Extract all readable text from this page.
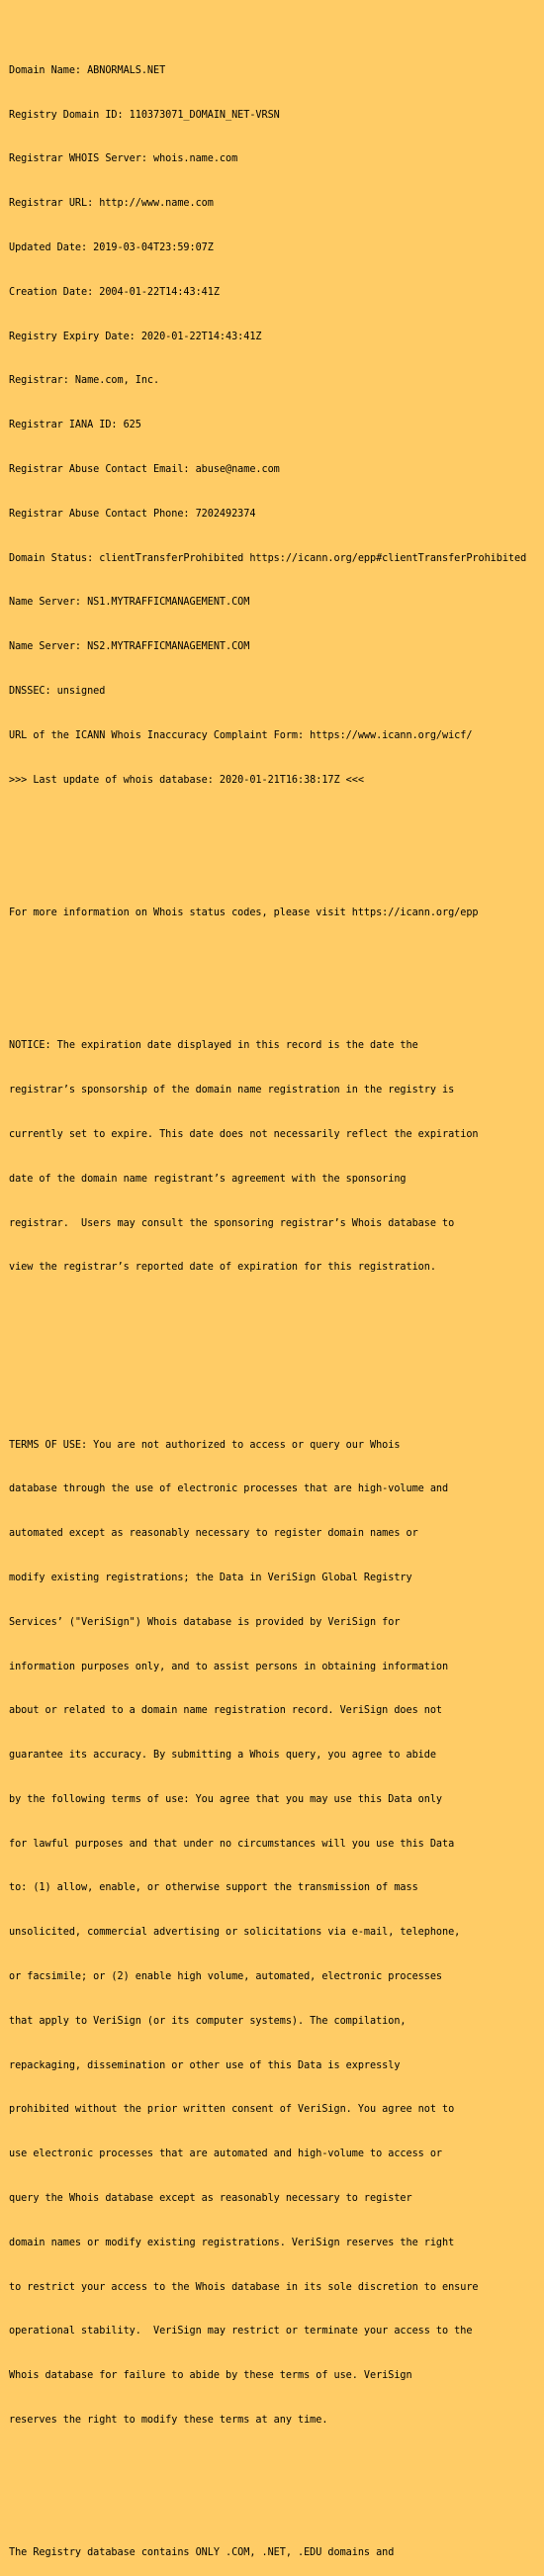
Domain Name: ABNORMALS.NET

Registry Domain ID: 110373071_DOMAIN_NET-VRSN

Registrar WHOIS Server: whois.name.com

Registrar URL: http://www.name.com

Updated Date: 2019-03-04T23:59:07Z

Creation Date: 2004-01-22T14:43:41Z

Registry Expiry Date: 2020-01-22T14:43:41Z

Registrar: Name.com, Inc.

Registrar IANA ID: 625

Registrar Abuse Contact Email: abuse@name.com

Registrar Abuse Contact Phone: 7202492374

Domain Status: clientTransferProhibited https://icann.org/epp#clientTransferProhibited

Name Server: NS1.MYTRAFFICMANAGEMENT.COM

Name Server: NS2.MYTRAFFICMANAGEMENT.COM

DNSSEC: unsigned

URL of the ICANN Whois Inaccuracy Complaint Form: https://www.icann.org/wicf/

>>> Last update of whois database: 2020-01-21T16:38:17Z <<<

For more information on Whois status codes, please visit https://icann.org/epp

NOTICE: The expiration date displayed in this record is the date the

registrar’s sponsorship of the domain name registration in the registry is

currently set to expire. This date does not necessarily reflect the expiration

date of the domain name registrant’s agreement with the sponsoring

registrar.  Users may consult the sponsoring registrar’s Whois database to

view the registrar’s reported date of expiration for this registration.

TERMS OF USE: You are not authorized to access or query our Whois

database through the use of electronic processes that are high-volume and

automated except as reasonably necessary to register domain names or

modify existing registrations; the Data in VeriSign Global Registry

Services’ ("VeriSign") Whois database is provided by VeriSign for

information purposes only, and to assist persons in obtaining information

about or related to a domain name registration record. VeriSign does not

guarantee its accuracy. By submitting a Whois query, you agree to abide

by the following terms of use: You agree that you may use this Data only

for lawful purposes and that under no circumstances will you use this Data

to: (1) allow, enable, or otherwise support the transmission of mass

unsolicited, commercial advertising or solicitations via e-mail, telephone,

or facsimile; or (2) enable high volume, automated, electronic processes

that apply to VeriSign (or its computer systems). The compilation,

repackaging, dissemination or other use of this Data is expressly

prohibited without the prior written consent of VeriSign. You agree not to

use electronic processes that are automated and high-volume to access or

query the Whois database except as reasonably necessary to register

domain names or modify existing registrations. VeriSign reserves the right

to restrict your access to the Whois database in its sole discretion to ensure

operational stability.  VeriSign may restrict or terminate your access to the

Whois database for failure to abide by these terms of use. VeriSign

reserves the right to modify these terms at any time.

The Registry database contains ONLY .COM, .NET, .EDU domains and
